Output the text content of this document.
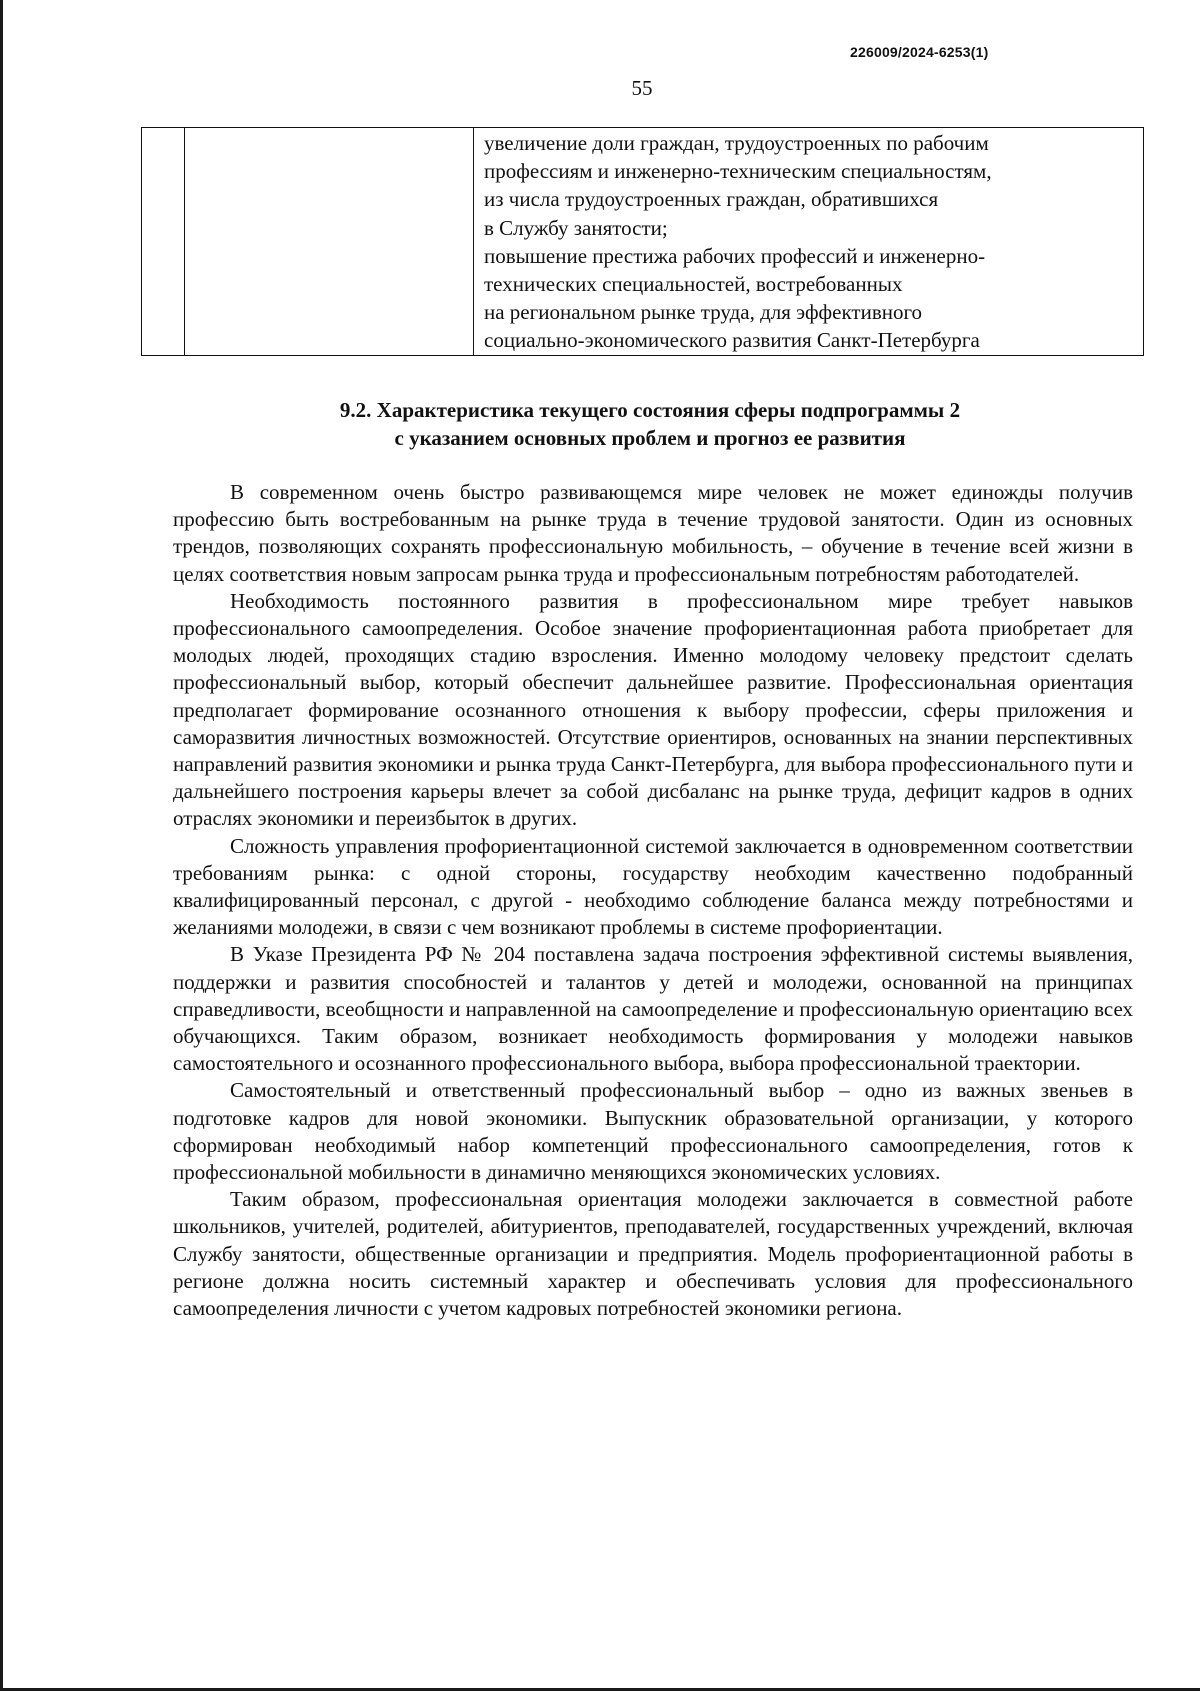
226009/2024-6253(1)
55

увеличение доли граждан, трудоустроенных по рабочим
профессиям и инженерно-техническим специальностям,
из числа трудоустроенных граждан, обратившихся
в Службу занятости;
повышение престижа рабочих профессий и инженерно-
технических специальностей, востребованных
на региональном рынке труда, для эффективного
социально-экономического развития Санкт-Петербурга
9.2. Характеристика текущего состояния сферы подпрограммы 2
с указанием основных проблем и прогноз ее развития

В современном очень быстро развивающемся мире человек не может единожды получив профессию быть востребованным на рынке труда в течение трудовой занятости. Один из основных трендов, позволяющих сохранять профессиональную мобильность, – обучение в течение всей жизни в целях соответствия новым запросам рынка труда и профессиональным потребностям работодателей.

Необходимость постоянного развития в профессиональном мире требует навыков профессионального самоопределения. Особое значение профориентационная работа приобретает для молодых людей, проходящих стадию взросления. Именно молодому человеку предстоит сделать профессиональный выбор, который обеспечит дальнейшее развитие. Профессиональная ориентация предполагает формирование осознанного отношения к выбору профессии, сферы приложения и саморазвития личностных возможностей. Отсутствие ориентиров, основанных на знании перспективных направлений развития экономики и рынка труда Санкт-Петербурга, для выбора профессионального пути и дальнейшего построения карьеры влечет за собой дисбаланс на рынке труда, дефицит кадров в одних отраслях экономики и переизбыток в других.

Сложность управления профориентационной системой заключается в одновременном соответствии требованиям рынка: с одной стороны, государству необходим качественно подобранный квалифицированный персонал, с другой - необходимо соблюдение баланса между потребностями и желаниями молодежи, в связи с чем возникают проблемы в системе профориентации.

В Указе Президента РФ № 204 поставлена задача построения эффективной системы выявления, поддержки и развития способностей и талантов у детей и молодежи, основанной на принципах справедливости, всеобщности и направленной на самоопределение и профессиональную ориентацию всех обучающихся. Таким образом, возникает необходимость формирования у молодежи навыков самостоятельного и осознанного профессионального выбора, выбора профессиональной траектории.

Самостоятельный и ответственный профессиональный выбор – одно из важных звеньев в подготовке кадров для новой экономики. Выпускник образовательной организации, у которого сформирован необходимый набор компетенций профессионального самоопределения, готов к профессиональной мобильности в динамично меняющихся экономических условиях.

Таким образом, профессиональная ориентация молодежи заключается в совместной работе школьников, учителей, родителей, абитуриентов, преподавателей, государственных учреждений, включая Службу занятости, общественные организации и предприятия. Модель профориентационной работы в регионе должна носить системный характер и обеспечивать условия для профессионального самоопределения личности с учетом кадровых потребностей экономики региона.
